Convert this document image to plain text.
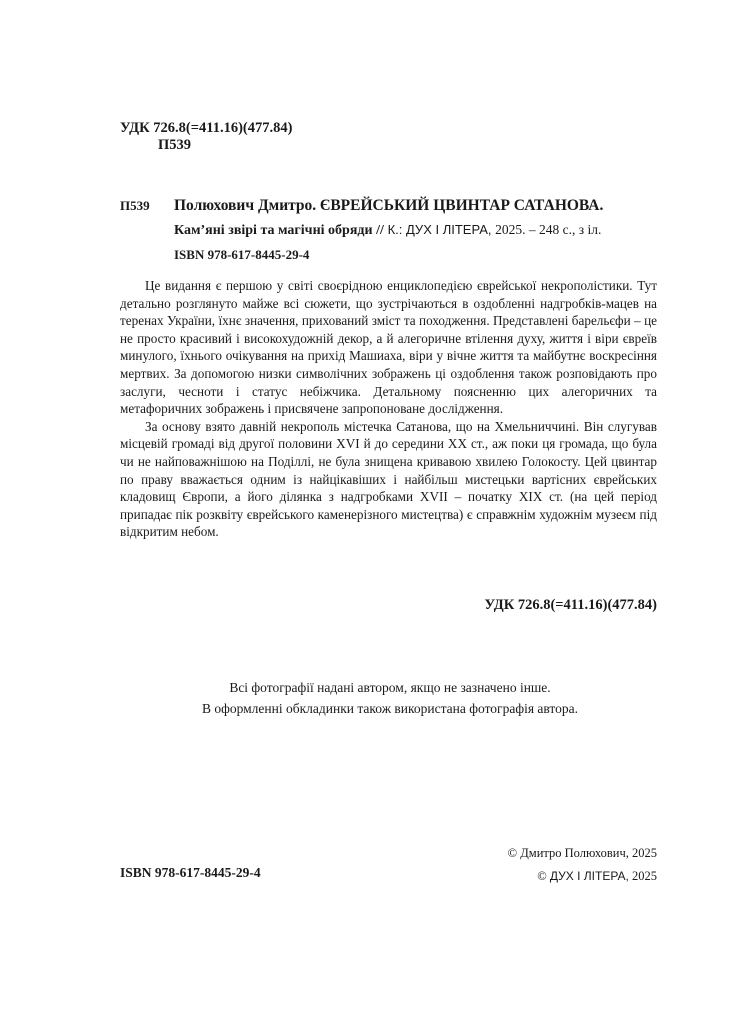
УДК 726.8(=411.16)(477.84)
П539
П539	Полюхович Дмитро. ЄВРЕЙСЬКИЙ ЦВИНТАР САТАНОВА.
Кам’яні звірі та магічні обряди // К.: ДУХ І ЛІТЕРА, 2025. – 248 с., з іл.
ISBN 978-617-8445-29-4

Це видання є першою у світі своєрідною енциклопедією єврейської некрополістики. Тут детально розглянуто майже всі сюжети, що зустрічаються в оздобленні надгробків-мацев на теренах України, їхнє значення, прихований зміст та походження. Представлені барельєфи – це не просто красивий і високохудожній декор, а й алегоричне втілення духу, життя і віри євреїв минулого, їхнього очікування на прихід Машиаха, віри у вічне життя та майбутнє воскресіння мертвих. За допомогою низки символічних зображень ці оздоблення також розповідають про заслуги, чесноти і статус небіжчика. Детальному поясненню цих алегоричних та метафоричних зображень і присвячене запропоноване дослідження.

За основу взято давній некрополь містечка Сатанова, що на Хмельниччині. Він слугував місцевій громаді від другої половини XVI й до середини XX ст., аж поки ця громада, що була чи не найповажнішою на Поділлі, не була знищена кривавою хвилею Голокосту. Цей цвинтар по праву вважається одним із найцікавіших і найбільш мистецьки вартісних єврейських кладовищ Європи, а його ділянка з надгробками XVII – початку XIX ст. (на цей період припадає пік розквіту єврейського каменерізного мистецтва) є справжнім художнім музеєм під відкритим небом.

УДК 726.8(=411.16)(477.84)
Всі фотографії надані автором, якщо не зазначено інше.
В оформленні обкладинки також використана фотографія автора.
© Дмитро Полюхович, 2025
© ДУХ І ЛІТЕРА, 2025
ISBN 978-617-8445-29-4
